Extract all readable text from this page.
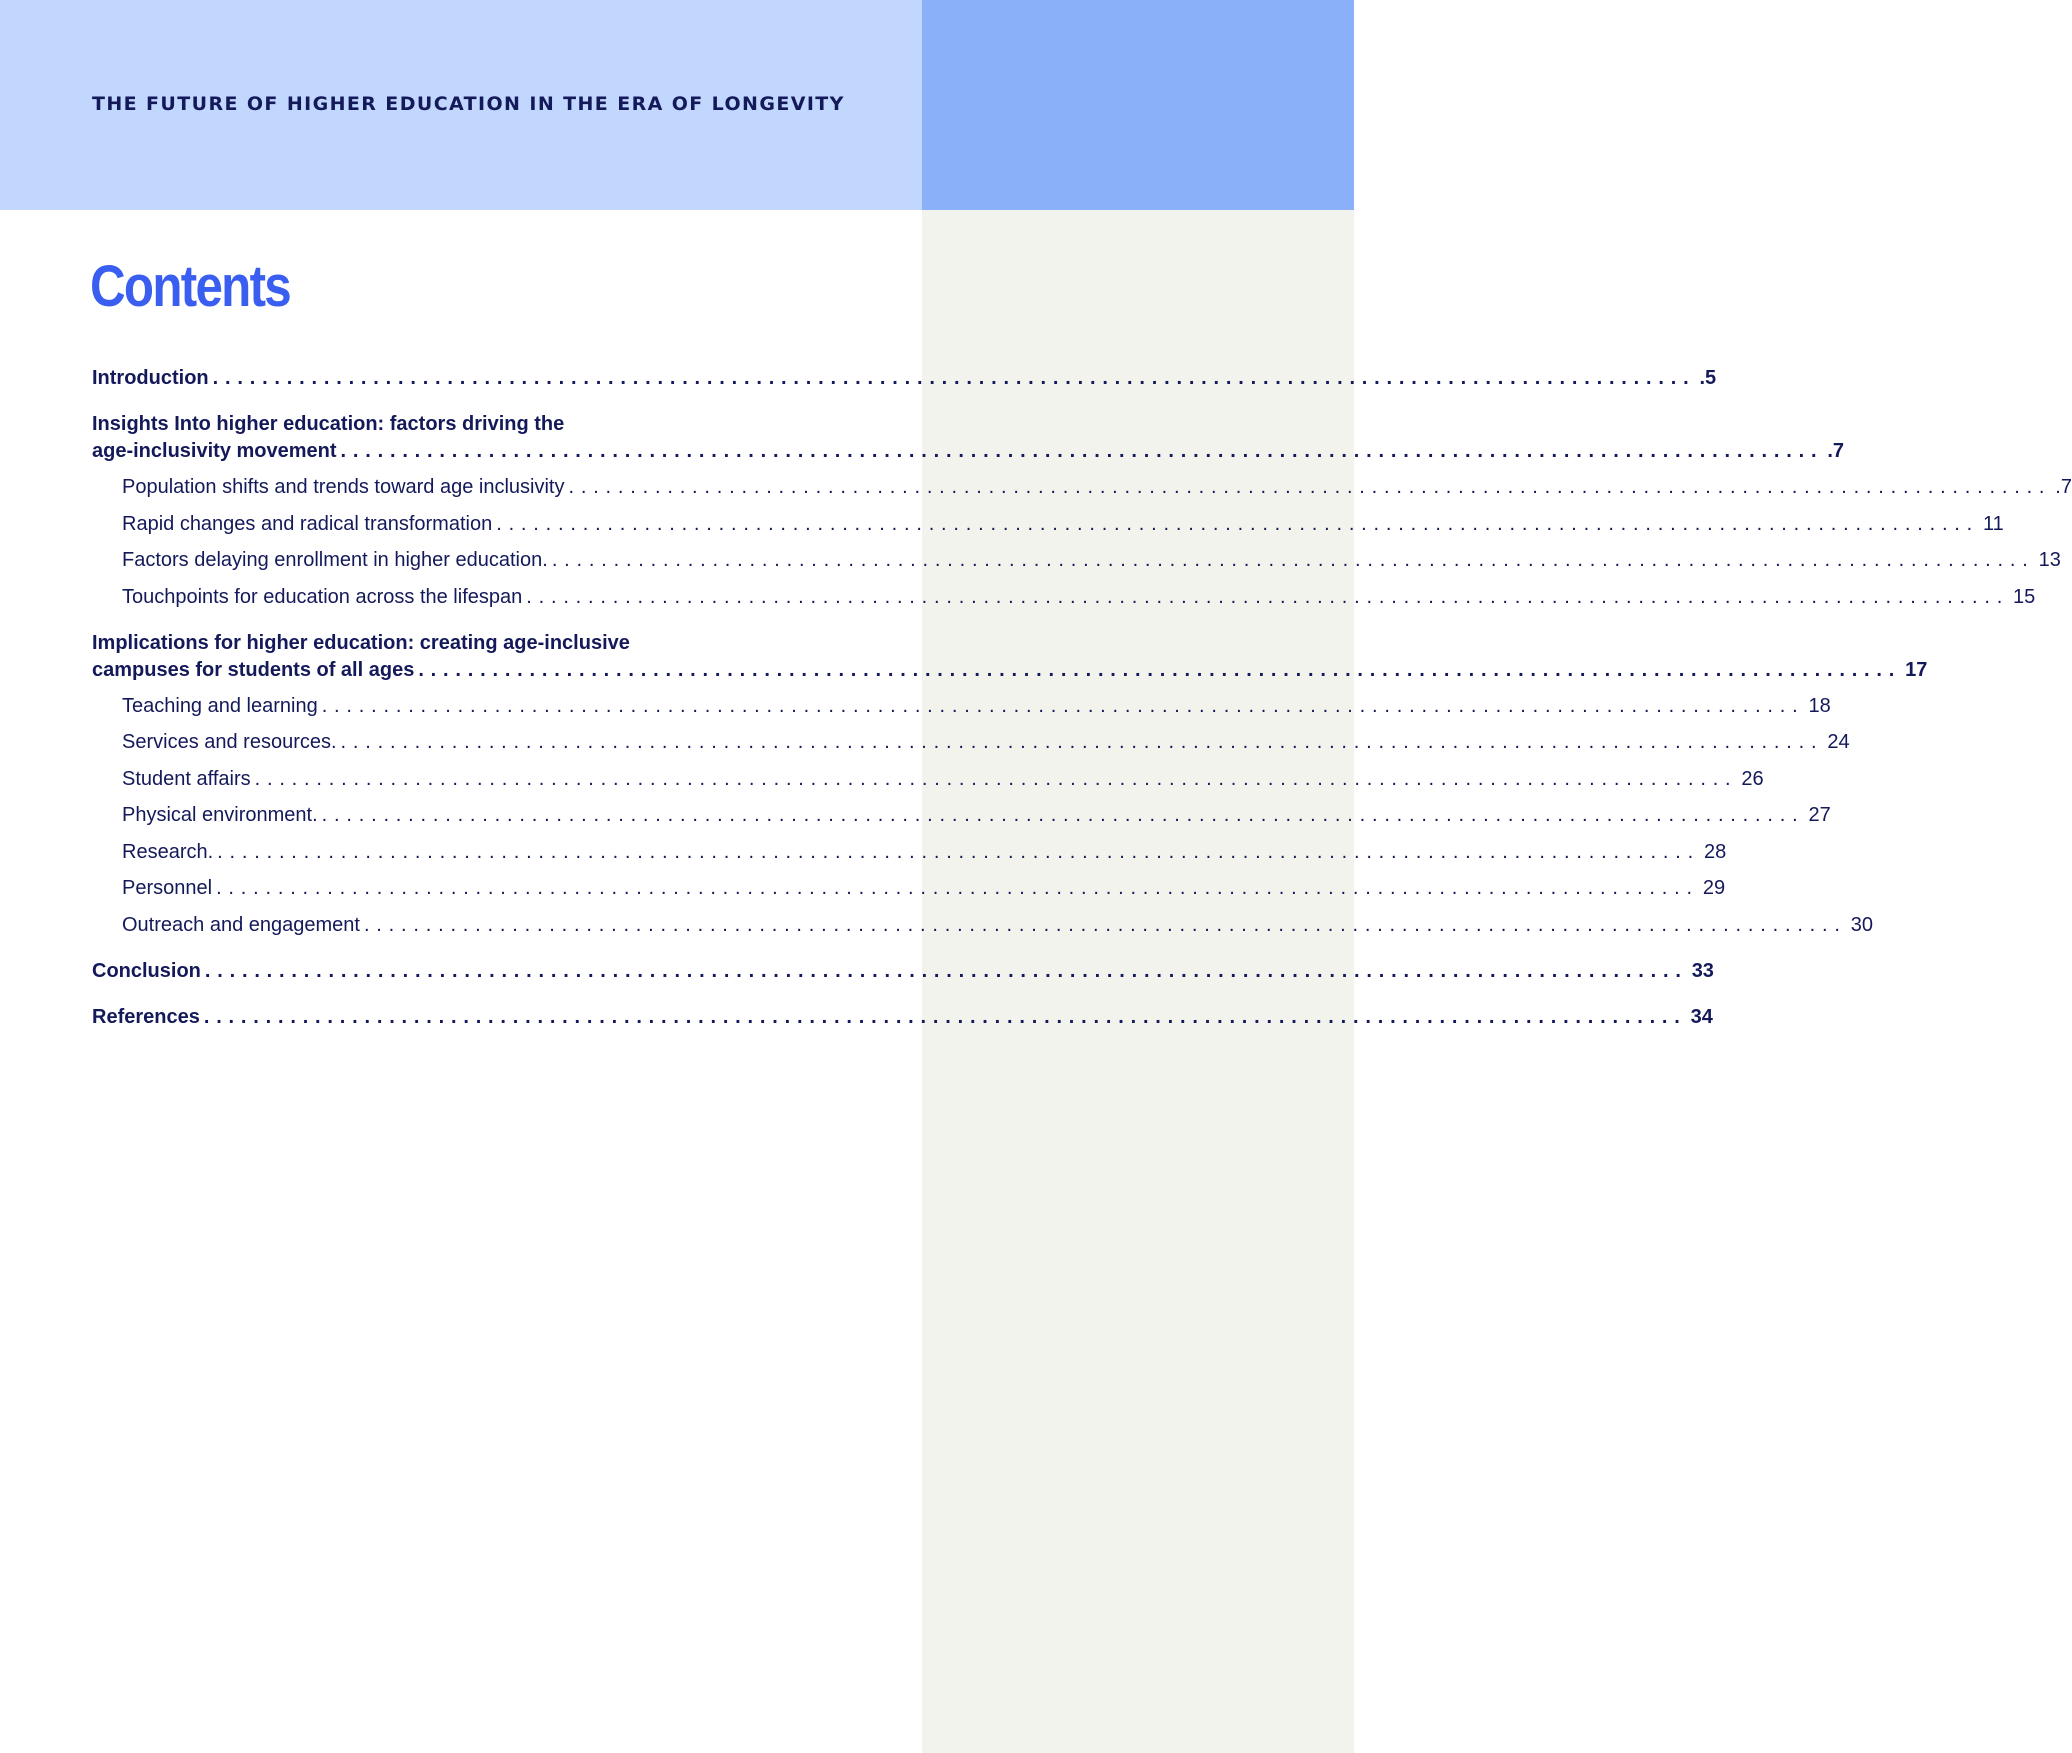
THE FUTURE OF HIGHER EDUCATION IN THE ERA OF LONGEVITY
Contents
Introduction ........................................................................................................................ .5
Insights Into higher education: factors driving the
age-inclusivity movement ........................................................................................................................ .7
Population shifts and trends toward age inclusivity ........................................................................................................................ .7
Rapid changes and radical transformation ........................................................................................................................ 11
Factors delaying enrollment in higher education. ........................................................................................................................ 13
Touchpoints for education across the lifespan ........................................................................................................................ 15
Implications for higher education: creating age-inclusive
campuses for students of all ages ........................................................................................................................ 17
Teaching and learning ........................................................................................................................ 18
Services and resources. ........................................................................................................................ 24
Student affairs ........................................................................................................................ 26
Physical environment. ........................................................................................................................ 27
Research. ........................................................................................................................ 28
Personnel ........................................................................................................................ 29
Outreach and engagement ........................................................................................................................ 30
Conclusion ........................................................................................................................ 33
References ........................................................................................................................ 34
